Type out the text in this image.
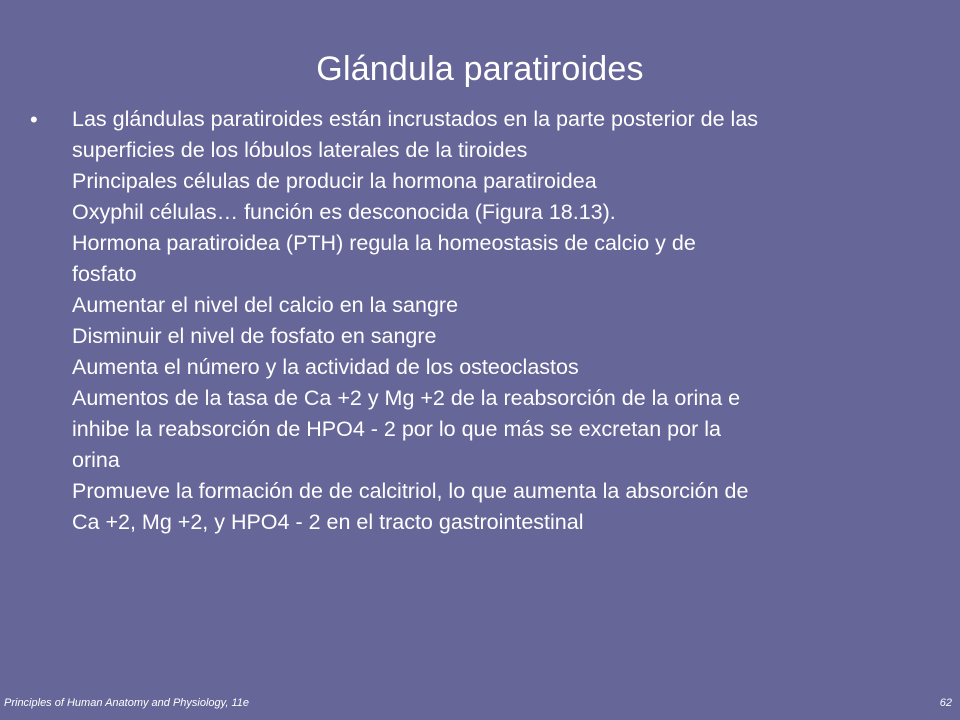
Glándula paratiroides
• Las glándulas paratiroides están incrustados en la parte posterior de las
superficies de los lóbulos laterales de la tiroides
Principales células de producir la hormona paratiroidea
Oxyphil células… función es desconocida (Figura 18.13).
Hormona paratiroidea (PTH) regula la homeostasis de calcio y de
fosfato
Aumentar el nivel del calcio en la sangre
Disminuir el nivel de fosfato en sangre
Aumenta el número y la actividad de los osteoclastos
Aumentos de la tasa de Ca +2 y Mg +2 de la reabsorción de la orina e
inhibe la reabsorción de HPO4 - 2 por lo que más se excretan por la
orina
Promueve la formación de de calcitriol, lo que aumenta la absorción de
Ca +2, Mg +2, y HPO4 - 2 en el tracto gastrointestinal
Principles of Human Anatomy and Physiology, 11e	62
